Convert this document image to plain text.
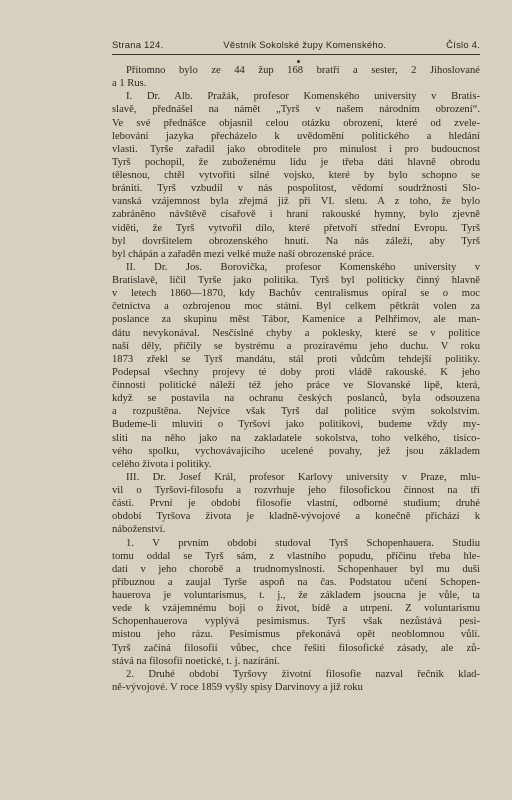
Strana 124.	Věstník Sokolské župy Komenského.	Číslo 4.
Přítomno bylo ze 44 žup 168 bratří a sester, 2 Jihoslované
a 1 Rus.
I. Dr. Alb. Pražák, profesor Komenského university v Bratis-
slavě, přednášel na námět „Tyrš v našem národním obrození“.
Ve své přednášce objasnil celou otázku obrození, které od zvele-
lebování jazyka přecházelo k uvědomění politického a hledání
vlasti. Tyrše zařadil jako obroditele pro minulost i pro budoucnost
Tyrš pochopil, že zuboženému lidu je třeba dáti hlavně obrodu
tělesnou, chtěl vytvořiti silné vojsko, které by bylo schopno se
brániti. Tyrš vzbudil v nás pospolitost, vědomí soudržnosti Slo-
vanská vzájemnost byla zřejmá již při VI. sletu. A z toho, že bylo
zabráněno návštěvě císařově i hraní rakouské hymny, bylo zjevně
viděti, že Tyrš vytvořil dílo, které přetvoří střední Evropu. Tyrš
byl dovršitelem obrozenského hnutí. Na nás záleží, aby Tyrš
byl chápán a zařaděn mezi velké muže naší obrozenské práce.
II. Dr. Jos. Borovička, profesor Komenského university v
Bratislavě, líčil Tyrše jako politika. Tyrš byl politicky činný hlavně
v letech 1860—1870, kdy Bachův centralismus opíral se o moc
četnictva a ozbrojenou moc státní. Byl celkem pětkrát volen za
poslance za skupinu měst Tábor, Kamenice a Pelhřimov, ale man-
dátu nevykonával. Nesčíslné chyby a poklesky, které se v politice
naší děly, příčily se bystrému a prozíravému jeho duchu. V roku
1873 zřekl se Tyrš mandátu, stál proti vůdcům tehdejší politiky.
Podepsal všechny projevy té doby proti vládě rakouské. K jeho
činnosti politické náleží též jeho práce ve Slovanské lípě, která,
když se postavila na ochranu českých poslanců, byla odsouzena
a rozpuštěna. Nejvíce však Tyrš dal politice svým sokolstvím.
Budeme-li mluviti o Tyršovi jako politikovi, budeme vždy my-
sliti na něho jako na zakladatele sokolstva, toho velkého, tisíco-
vého spolku, vychovávajícího ucelené povahy, jež jsou základem
celého života i politiky.
III. Dr. Josef Král, profesor Karlovy university v Praze, mlu-
vil o Tyršovi-filosofu a rozvrhuje jeho filosofickou činnost na tři
části. První je období filosofie vlastní, odborné studium; druhé
období Tyršova života je kladně-vývojové a konečně přichází k
náboženství.
1. V prvním období studoval Tyrš Schopenhauera. Studiu
tomu oddal se Tyrš sám, z vlastního popudu, příčinu třeba hle-
dati v jeho chorobě a trudnomyslnosti. Schopenhauer byl mu duši
příbuznou a zaujal Tyrše aspoň na čas. Podstatou učení Schopen-
hauerova je voluntarismus, t. j., že základem jsoucna je vůle, ta
vede k vzájemnému boji o život, bídě a utrpení. Z voluntarismu
Schopenhauerova vyplývá pesimismus. Tyrš však nezůstává pesi-
mistou jeho rázu. Pesimismus překonává opět neoblomnou vůlí.
Tyrš začíná filosofií vůbec, chce řešiti filosofické zásady, ale zů-
stává na filosofii noetické, t. j. nazírání.
2. Druhé období Tyršovy životní filosofie nazval řečník klad-
ně-vývojové. V roce 1859 vyšly spisy Darvinovy a již roku
